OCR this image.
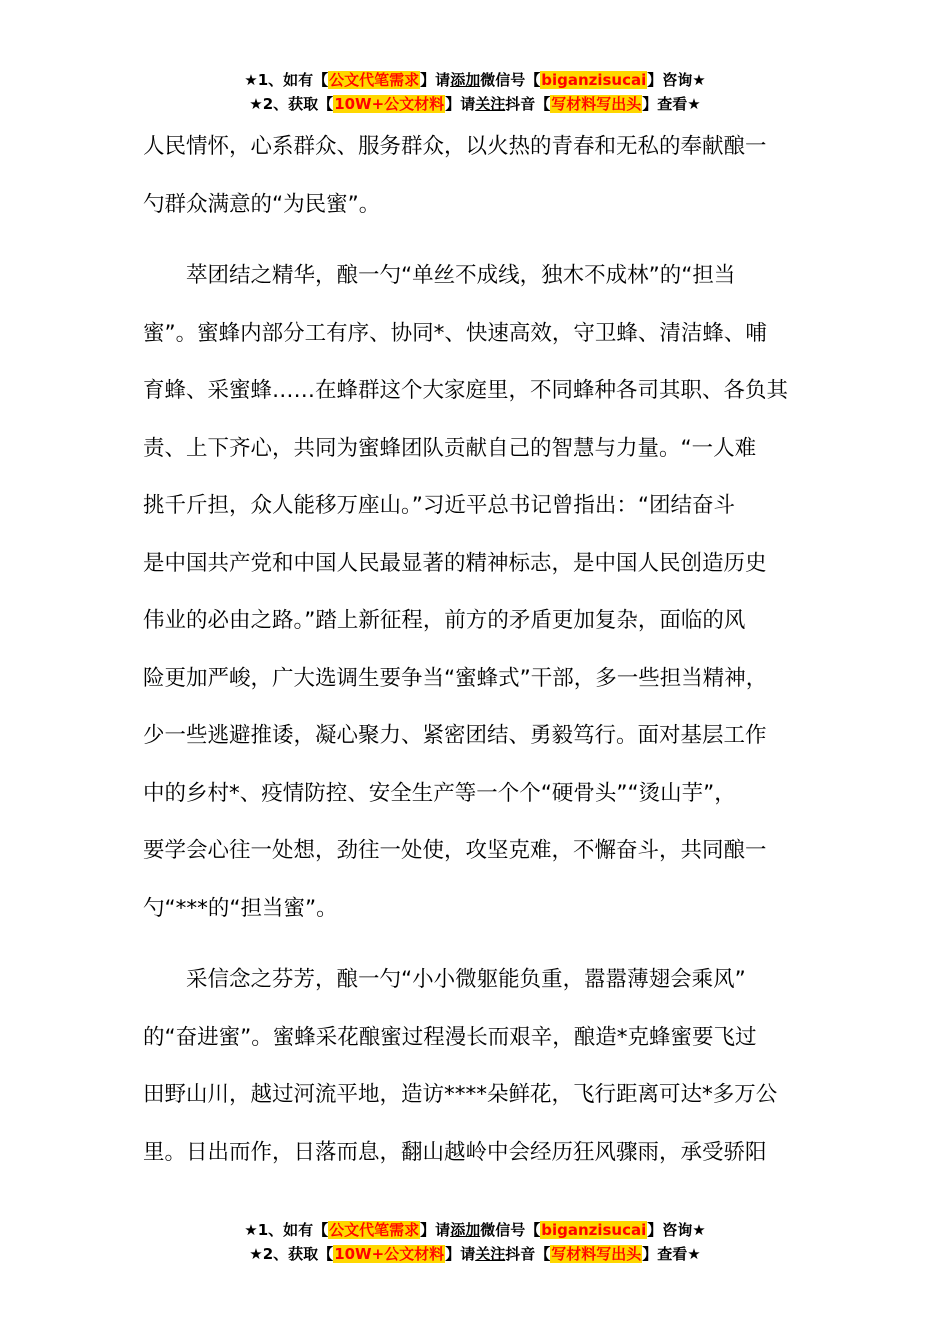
★1、如有【公文代笔需求】请添加微信号【biganzisucai】咨询★
★2、获取【10W+公文材料】请关注抖音【写材料写出头】查看★
人民情怀，心系群众、服务群众，以火热的青春和无私的奉献酿一
勺群众满意的“为民蜜”。
　　萃团结之精华，酿一勺“单丝不成线，独木不成林”的“担当
蜜”。蜜蜂内部分工有序、协同*、快速高效，守卫蜂、清洁蜂、哺
育蜂、采蜜蜂……在蜂群这个大家庭里，不同蜂种各司其职、各负其
责、上下齐心，共同为蜜蜂团队贡献自己的智慧与力量。“一人难
挑千斤担，众人能移万座山。”习近平总书记曾指出：“团结奋斗
是中国共产党和中国人民最显著的精神标志，是中国人民创造历史
伟业的必由之路。”踏上新征程，前方的矛盾更加复杂，面临的风
险更加严峻，广大选调生要争当“蜜蜂式”干部，多一些担当精神，
少一些逃避推诿，凝心聚力、紧密团结、勇毅笃行。面对基层工作
中的乡村*、疫情防控、安全生产等一个个“硬骨头”“烫山芋”，
要学会心往一处想，劲往一处使，攻坚克难，不懈奋斗，共同酿一
勺“***的“担当蜜”。
　　采信念之芬芳，酿一勺“小小微躯能负重，嚣嚣薄翅会乘风”
的“奋进蜜”。蜜蜂采花酿蜜过程漫长而艰辛，酿造*克蜂蜜要飞过
田野山川，越过河流平地，造访****朵鲜花，飞行距离可达*多万公
里。日出而作，日落而息，翻山越岭中会经历狂风骤雨，承受骄阳
★1、如有【公文代笔需求】请添加微信号【biganzisucai】咨询★
★2、获取【10W+公文材料】请关注抖音【写材料写出头】查看★
